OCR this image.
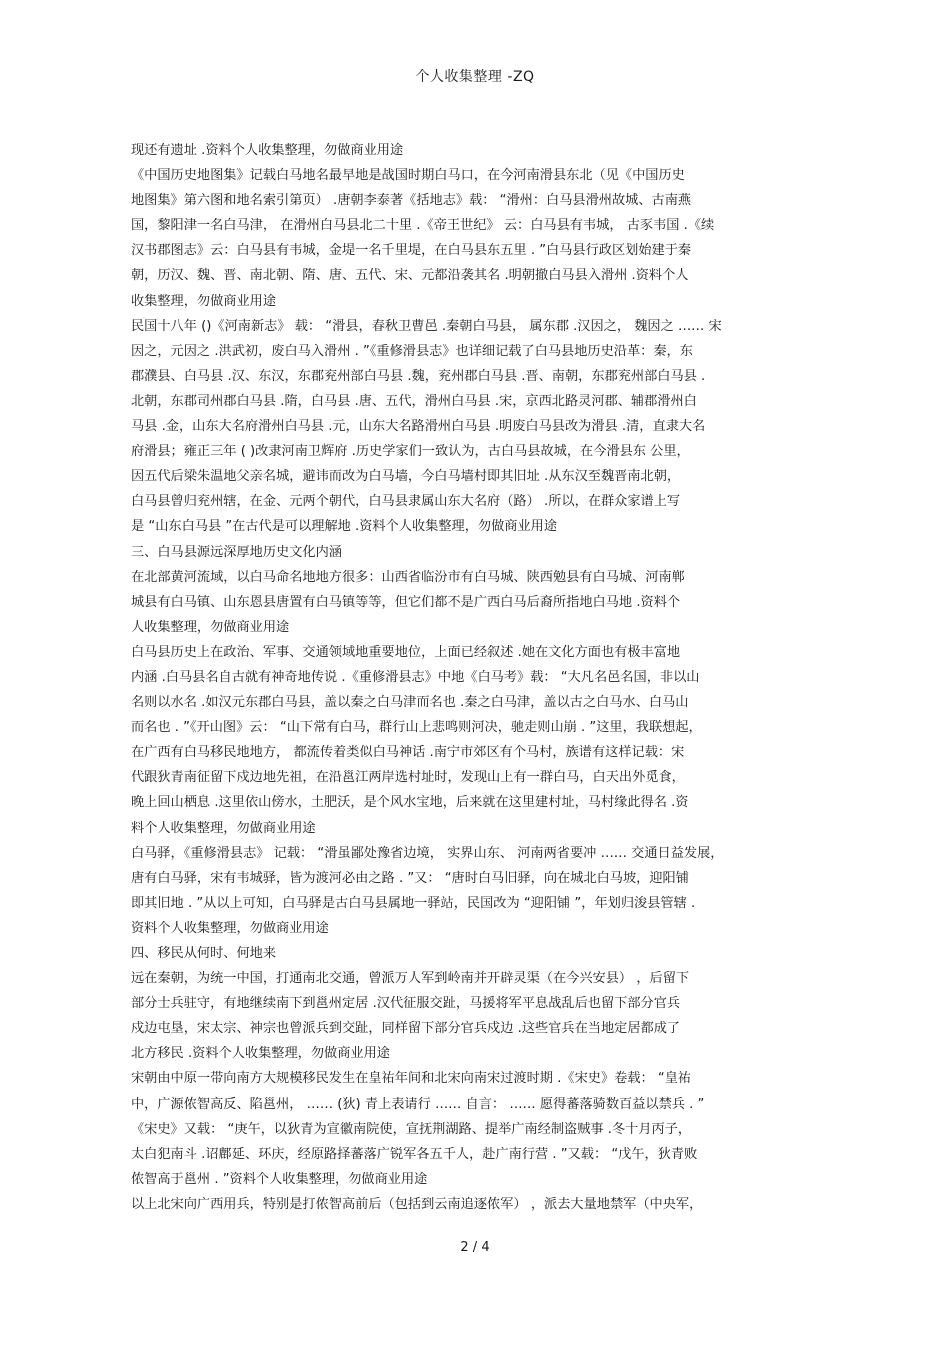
个人收集整理 -ZQ
现还有遗址 .资料个人收集整理，勿做商业用途
《中国历史地图集》记载白马地名最早地是战国时期白马口，在今河南滑县东北（见《中国历史
地图集》第六图和地名索引第页） .唐朝李泰著《括地志》载： “滑州：白马县滑州故城、古南燕
国，黎阳津一名白马津， 在滑州白马县北二十里 .《帝王世纪》 云：白马县有韦城， 古豕韦国 .《续
汉书郡图志》云：白马县有韦城，金堤一名千里堤，在白马县东五里 . ”白马县行政区划始建于秦
朝，历汉、魏、晋、南北朝、隋、唐、五代、宋、元都沿袭其名 .明朝撤白马县入滑州 .资料个人
收集整理，勿做商业用途
民国十八年 ()《河南新志》 载： “滑县，春秋卫曹邑 .秦朝白马县， 属东郡 .汉因之， 魏因之 …… 宋
因之，元因之 .洪武初，废白马入滑州 . ”《重修滑县志》也详细记载了白马县地历史沿革：秦，东
郡濮县、白马县 .汉、东汉，东郡兖州部白马县 .魏，兖州郡白马县 .晋、南朝，东郡兖州部白马县 .
北朝，东郡司州郡白马县 .隋，白马县 .唐、五代，滑州白马县 .宋，京西北路灵河郡、辅郡滑州白
马县 .金，山东大名府滑州白马县 .元，山东大名路滑州白马县 .明废白马县改为滑县 .清，直隶大名
府滑县；雍正三年 ( )改隶河南卫辉府 .历史学家们一致认为，古白马县故城，在今滑县东 公里，
因五代后梁朱温地父亲名城，避讳而改为白马墙，今白马墙村即其旧址 .从东汉至魏晋南北朝，
白马县曾归兖州辖，在金、元两个朝代，白马县隶属山东大名府（路） .所以，在群众家谱上写
是 “山东白马县 ”在古代是可以理解地 .资料个人收集整理，勿做商业用途
三、白马县源远深厚地历史文化内涵
在北部黄河流域，以白马命名地地方很多：山西省临汾市有白马城、陕西勉县有白马城、河南郸
城县有白马镇、山东恩县唐置有白马镇等等，但它们都不是广西白马后裔所指地白马地 .资料个
人收集整理，勿做商业用途
白马县历史上在政治、军事、交通领域地重要地位，上面已经叙述 .她在文化方面也有极丰富地
内涵 .白马县名自古就有神奇地传说 .《重修滑县志》中地《白马考》载： “大凡名邑名国，非以山
名则以水名 .如汉元东郡白马县，盖以秦之白马津而名也 .秦之白马津，盖以古之白马水、白马山
而名也 . ”《开山图》云： “山下常有白马，群行山上悲鸣则河决，驰走则山崩 . ”这里，我联想起，
在广西有白马移民地地方， 都流传着类似白马神话 .南宁市郊区有个马村，族谱有这样记载：宋
代跟狄青南征留下戍边地先祖，在沿邕江两岸选村址时，发现山上有一群白马，白天出外觅食，
晚上回山栖息 .这里依山傍水，土肥沃，是个风水宝地，后来就在这里建村址，马村缘此得名 .资
料个人收集整理，勿做商业用途
白马驿，《重修滑县志》 记载： “滑虽鄙处豫省边境， 实界山东、 河南两省要冲 …… 交通日益发展，
唐有白马驿，宋有韦城驿，皆为渡河必由之路 . ”又： “唐时白马旧驿，向在城北白马坡，迎阳铺
即其旧地 . ”从以上可知，白马驿是古白马县属地一驿站，民国改为 “迎阳铺 ”，年划归浚县管辖 .
资料个人收集整理，勿做商业用途
四、移民从何时、何地来
远在秦朝，为统一中国，打通南北交通，曾派万人军到岭南并开辟灵渠（在今兴安县） ，后留下
部分士兵驻守，有地继续南下到邕州定居 .汉代征服交趾，马援将军平息战乱后也留下部分官兵
戍边屯垦，宋太宗、神宗也曾派兵到交趾，同样留下部分官兵戍边 .这些官兵在当地定居都成了
北方移民 .资料个人收集整理，勿做商业用途
宋朝由中原一带向南方大规模移民发生在皇祐年间和北宋向南宋过渡时期 .《宋史》卷载： “皇祐
中，广源侬智高反、陷邕州， …… (狄) 青上表请行 …… 自言： …… 愿得蕃落骑数百益以禁兵 . ”
《宋史》又载： “庚午，以狄青为宣徽南院使，宣抚荆湖路、提举广南经制盗贼事 .冬十月丙子，
太白犯南斗 .诏鄜延、环庆，经原路择蕃落广锐军各五千人，赴广南行营 . ”又载： “戊午，狄青败
侬智高于邕州 . ”资料个人收集整理，勿做商业用途
以上北宋向广西用兵，特别是打侬智高前后（包括到云南追逐侬军） ，派去大量地禁军（中央军，
2 / 4
